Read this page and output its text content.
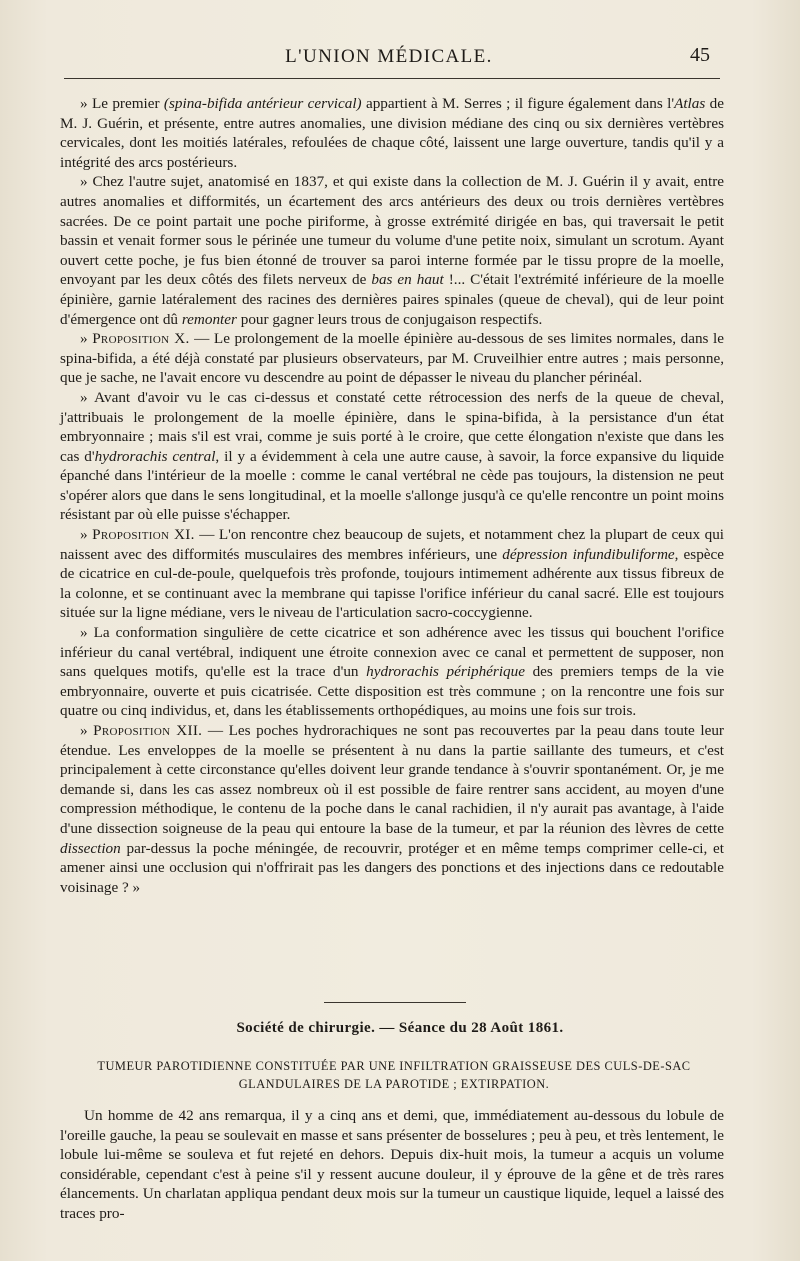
L'UNION MÉDICALE.	45

» Le premier (spina-bifida antérieur cervical) appartient à M. Serres ; il figure également dans l'Atlas de M. J. Guérin, et présente, entre autres anomalies, une division médiane des cinq ou six dernières vertèbres cervicales, dont les moitiés latérales, refoulées de chaque côté, laissent une large ouverture, tandis qu'il y a intégrité des arcs postérieurs.

» Chez l'autre sujet, anatomisé en 1837, et qui existe dans la collection de M. J. Guérin il y avait, entre autres anomalies et difformités, un écartement des arcs antérieurs des deux ou trois dernières vertèbres sacrées. De ce point partait une poche piriforme, à grosse extrémité dirigée en bas, qui traversait le petit bassin et venait former sous le périnée une tumeur du volume d'une petite noix, simulant un scrotum. Ayant ouvert cette poche, je fus bien étonné de trouver sa paroi interne formée par le tissu propre de la moelle, envoyant par les deux côtés des filets nerveux de bas en haut !... C'était l'extrémité inférieure de la moelle épinière, garnie latéralement des racines des dernières paires spinales (queue de cheval), qui de leur point d'émergence ont dû remonter pour gagner leurs trous de conjugaison respectifs.

» Proposition X. — Le prolongement de la moelle épinière au-dessous de ses limites normales, dans le spina-bifida, a été déjà constaté par plusieurs observateurs, par M. Cruveilhier entre autres ; mais personne, que je sache, ne l'avait encore vu descendre au point de dépasser le niveau du plancher périnéal.

» Avant d'avoir vu le cas ci-dessus et constaté cette rétrocession des nerfs de la queue de cheval, j'attribuais le prolongement de la moelle épinière, dans le spina-bifida, à la persistance d'un état embryonnaire ; mais s'il est vrai, comme je suis porté à le croire, que cette élongation n'existe que dans les cas d'hydrorachis central, il y a évidemment à cela une autre cause, à savoir, la force expansive du liquide épanché dans l'intérieur de la moelle : comme le canal vertébral ne cède pas toujours, la distension ne peut s'opérer alors que dans le sens longitudinal, et la moelle s'allonge jusqu'à ce qu'elle rencontre un point moins résistant par où elle puisse s'échapper.

» Proposition XI. — L'on rencontre chez beaucoup de sujets, et notamment chez la plupart de ceux qui naissent avec des difformités musculaires des membres inférieurs, une dépression infundibuliforme, espèce de cicatrice en cul-de-poule, quelquefois très profonde, toujours intimement adhérente aux tissus fibreux de la colonne, et se continuant avec la membrane qui tapisse l'orifice inférieur du canal sacré. Elle est toujours située sur la ligne médiane, vers le niveau de l'articulation sacro-coccygienne.

» La conformation singulière de cette cicatrice et son adhérence avec les tissus qui bouchent l'orifice inférieur du canal vertébral, indiquent une étroite connexion avec ce canal et permettent de supposer, non sans quelques motifs, qu'elle est la trace d'un hydrorachis périphérique des premiers temps de la vie embryonnaire, ouverte et puis cicatrisée. Cette disposition est très commune ; on la rencontre une fois sur quatre ou cinq individus, et, dans les établissements orthopédiques, au moins une fois sur trois.

» Proposition XII. — Les poches hydrorachiques ne sont pas recouvertes par la peau dans toute leur étendue. Les enveloppes de la moelle se présentent à nu dans la partie saillante des tumeurs, et c'est principalement à cette circonstance qu'elles doivent leur grande tendance à s'ouvrir spontanément. Or, je me demande si, dans les cas assez nombreux où il est possible de faire rentrer sans accident, au moyen d'une compression méthodique, le contenu de la poche dans le canal rachidien, il n'y aurait pas avantage, à l'aide d'une dissection soigneuse de la peau qui entoure la base de la tumeur, et par la réunion des lèvres de cette dissection par-dessus la poche méningée, de recouvrir, protéger et en même temps comprimer celle-ci, et amener ainsi une occlusion qui n'offrirait pas les dangers des ponctions et des injections dans ce redoutable voisinage ? »

Société de chirurgie. — Séance du 28 Août 1861.
TUMEUR PAROTIDIENNE CONSTITUÉE PAR UNE INFILTRATION GRAISSEUSE DES CULS-DE-SAC
GLANDULAIRES DE LA PAROTIDE ; EXTIRPATION.

Un homme de 42 ans remarqua, il y a cinq ans et demi, que, immédiatement au-dessous du lobule de l'oreille gauche, la peau se soulevait en masse et sans présenter de bosselures ; peu à peu, et très lentement, le lobule lui-même se souleva et fut rejeté en dehors. Depuis dix-huit mois, la tumeur a acquis un volume considérable, cependant c'est à peine s'il y ressent aucune douleur, il y éprouve de la gêne et de très rares élancements. Un charlatan appliqua pendant deux mois sur la tumeur un caustique liquide, lequel a laissé des traces pro-
